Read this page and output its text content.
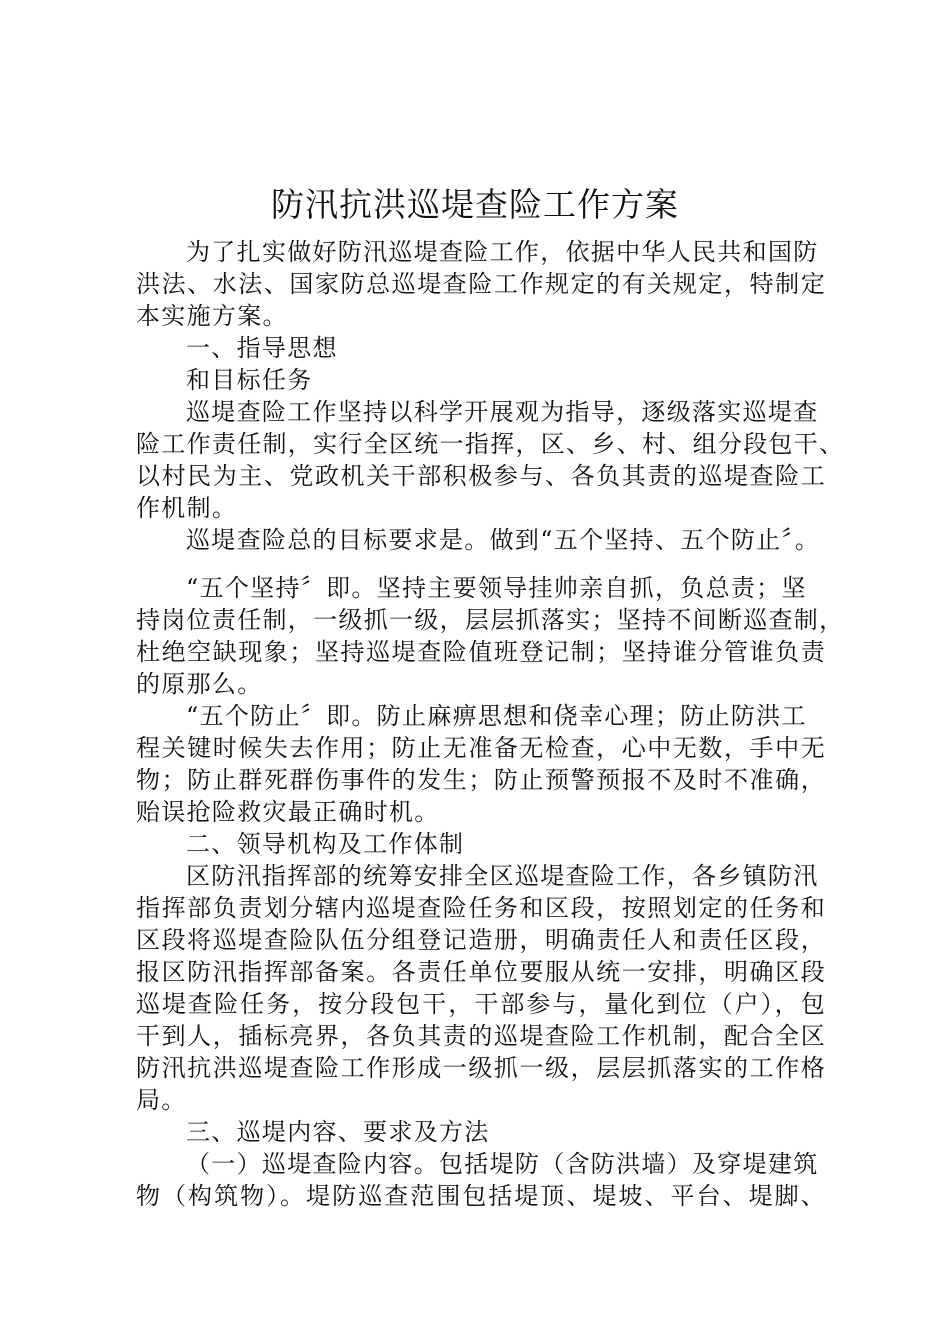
防汛抗洪巡堤查险工作方案
为了扎实做好防汛巡堤查险工作，依据中华人民共和国防
洪法、水法、国家防总巡堤查险工作规定的有关规定，特制定
本实施方案。
一、指导思想
和目标任务
巡堤查险工作坚持以科学开展观为指导，逐级落实巡堤查
险工作责任制，实行全区统一指挥，区、乡、村、组分段包干、
以村民为主、党政机关干部积极参与、各负其责的巡堤查险工
作机制。
巡堤查险总的目标要求是。做到“五个坚持、五个防止〞。
“五个坚持〞即。坚持主要领导挂帅亲自抓，负总责；坚
持岗位责任制，一级抓一级，层层抓落实；坚持不间断巡查制，
杜绝空缺现象；坚持巡堤查险值班登记制；坚持谁分管谁负责
的原那么。
“五个防止〞即。防止麻痹思想和侥幸心理；防止防洪工
程关键时候失去作用；防止无准备无检查，心中无数，手中无
物；防止群死群伤事件的发生；防止预警预报不及时不准确，
贻误抢险救灾最正确时机。
二、领导机构及工作体制
区防汛指挥部的统筹安排全区巡堤查险工作，各乡镇防汛
指挥部负责划分辖内巡堤查险任务和区段，按照划定的任务和
区段将巡堤查险队伍分组登记造册，明确责任人和责任区段，
报区防汛指挥部备案。各责任单位要服从统一安排，明确区段
巡堤查险任务，按分段包干，干部参与，量化到位（户），包
干到人，插标亮界，各负其责的巡堤查险工作机制，配合全区
防汛抗洪巡堤查险工作形成一级抓一级，层层抓落实的工作格
局。
三、巡堤内容、要求及方法
（一）巡堤查险内容。包括堤防（含防洪墙）及穿堤建筑
物（构筑物）。堤防巡查范围包括堤顶、堤坡、平台、堤脚、
